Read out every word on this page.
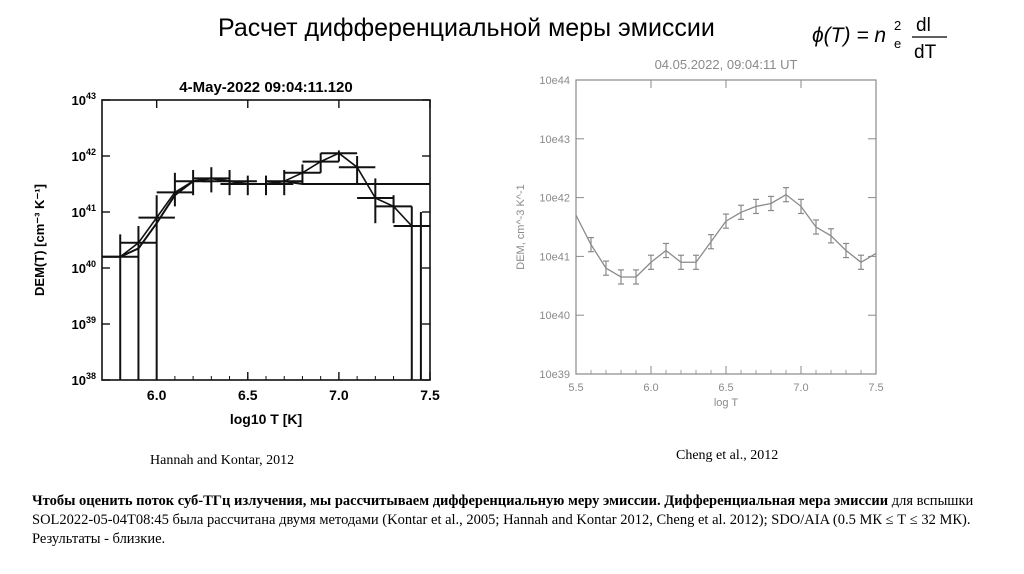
Расчет дифференциальной меры эмиссии	ϕ(T) = n e
2 dl
dT
4-May-2022 09:04:11.120
6.0	6.5	7.0	7.5
$10^{38}$
$10^{39}$
$10^{40}$
$10^{41}$
$10^{42}$
$10^{43}$
log10 T [K]
DEM(T) [cm⁻³ K⁻¹]
04.05.2022, 09:04:11 UT
5.5	6.0	6.5	7.0	7.5
10e39
10e40
10e41
10e42
10e43
10e44
log T
DEM, cm^-3 K^-1
Hannah and Kontar, 2012	Cheng et al., 2012
Чтобы оценить поток суб-ТГц излучения, мы рассчитываем дифференциальную меру эмиссии. Дифференциальная мера эмиссии для вспышки SOL2022-05-04T08:45 была рассчитана двумя методами (Kontar et al., 2005; Hannah and Kontar 2012, Cheng et al. 2012); SDO/AIA (0.5 МК ≤ Т ≤ 32 МК). Результаты - близкие.
